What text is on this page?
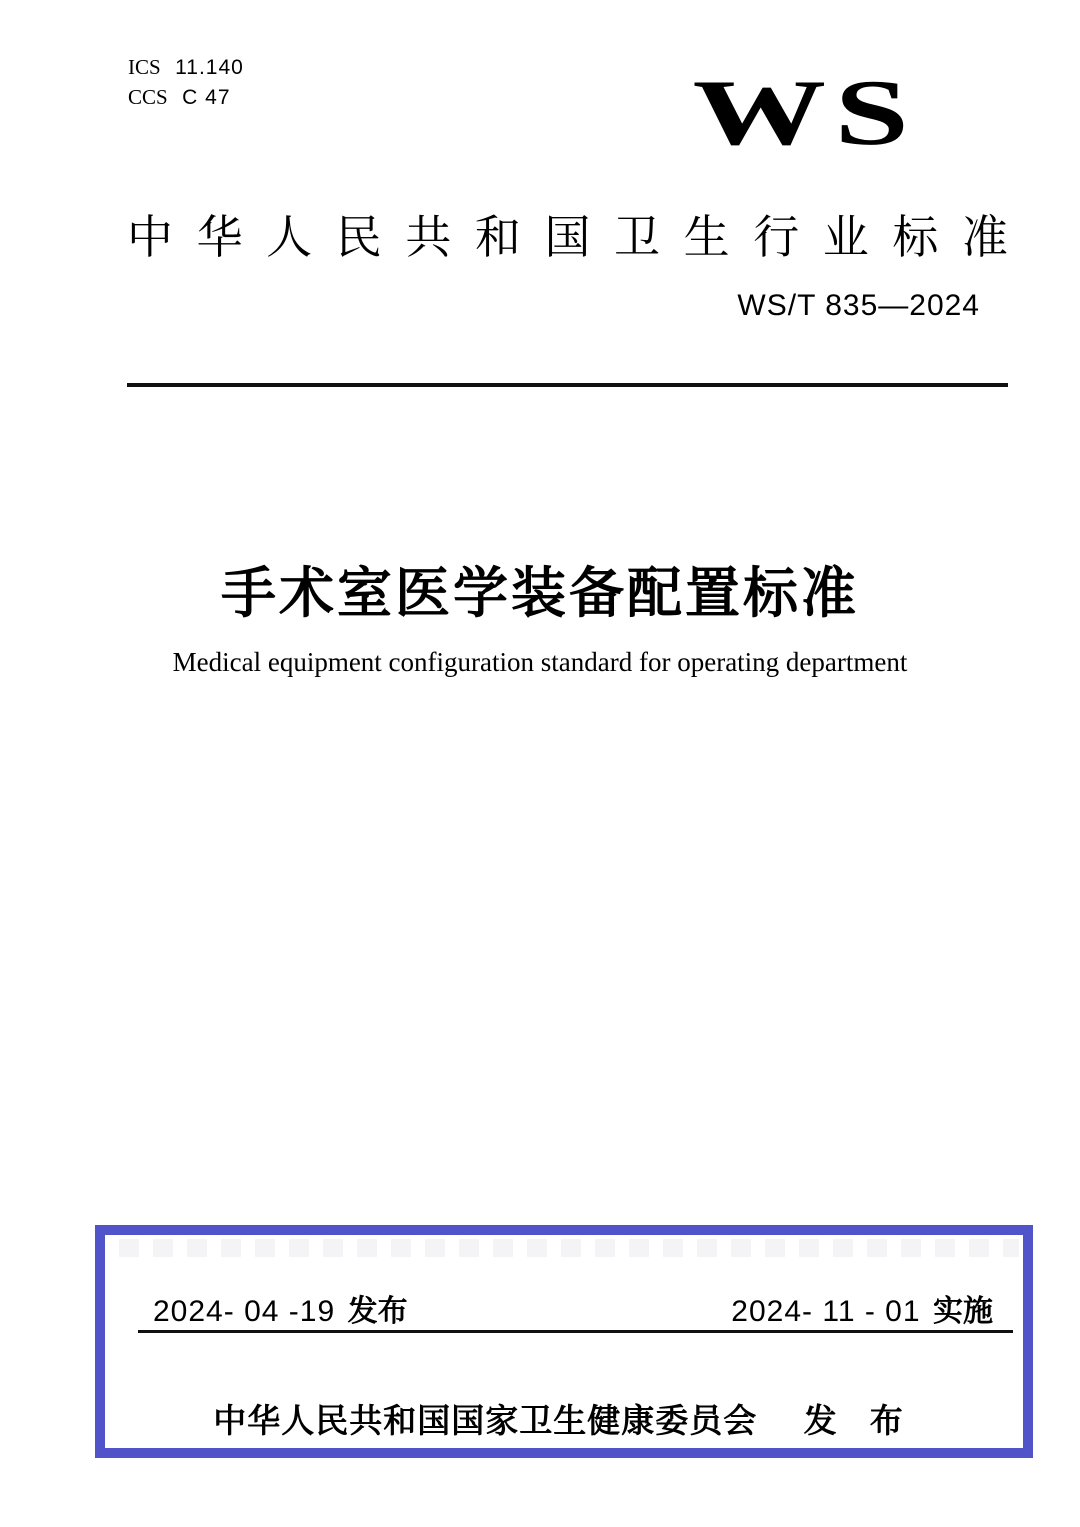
ICS 11.140
CCS C 47	WS
中 华 人 民 共 和 国 卫 生 行 业 标 准
WS/T 835—2024
手术室医学装备配置标准
Medical equipment configuration standard for operating department
2024- 04 -19 发布	2024- 11 - 01 实施
中华人民共和国国家卫生健康委员会 发 布
